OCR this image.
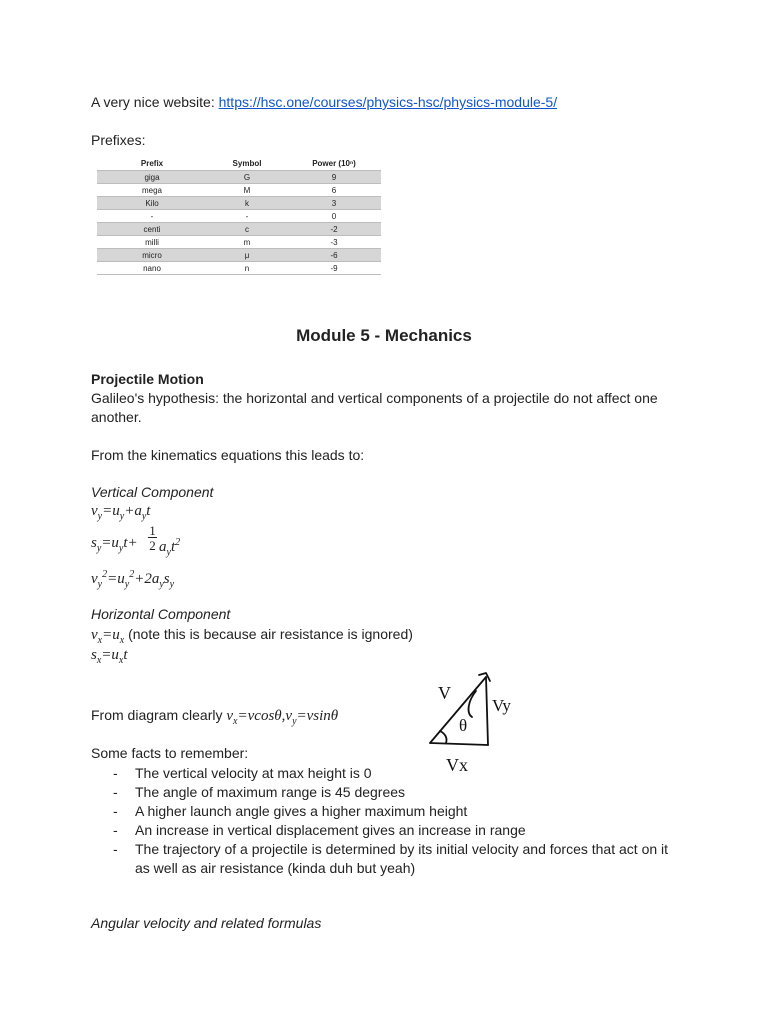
A very nice website: https://hsc.one/courses/physics-hsc/physics-module-5/
Prefixes:
Prefix	Symbol	Power (10ⁿ)
giga	G	9
mega	M	6
Kilo	k	3
-	-	0
centi	c	-2
milli	m	-3
micro	μ	-6
nano	n	-9
Module 5 - Mechanics
Projectile Motion
Galileo's hypothesis: the horizontal and vertical components of a projectile do not affect one
another.
From the kinematics equations this leads to:
Vertical Component
$v_y=u_y+a_yt$
$s_y=u_yt+$
1

2 $a_yt^2$
$v_y^2=u_y^2+2a_ys_y$
Horizontal Component
$v_x=u_x$ (note this is because air resistance is ignored)
$s_x=u_xt$
From diagram clearly $v_x=vcos\theta,v_y=vsin\theta$
V
Vy
θ
Vx
Some facts to remember:
- The vertical velocity at max height is 0
- The angle of maximum range is 45 degrees
- A higher launch angle gives a higher maximum height
- An increase in vertical displacement gives an increase in range
- The trajectory of a projectile is determined by its initial velocity and forces that act on it as well as air resistance (kinda duh but yeah)
Angular velocity and related formulas
